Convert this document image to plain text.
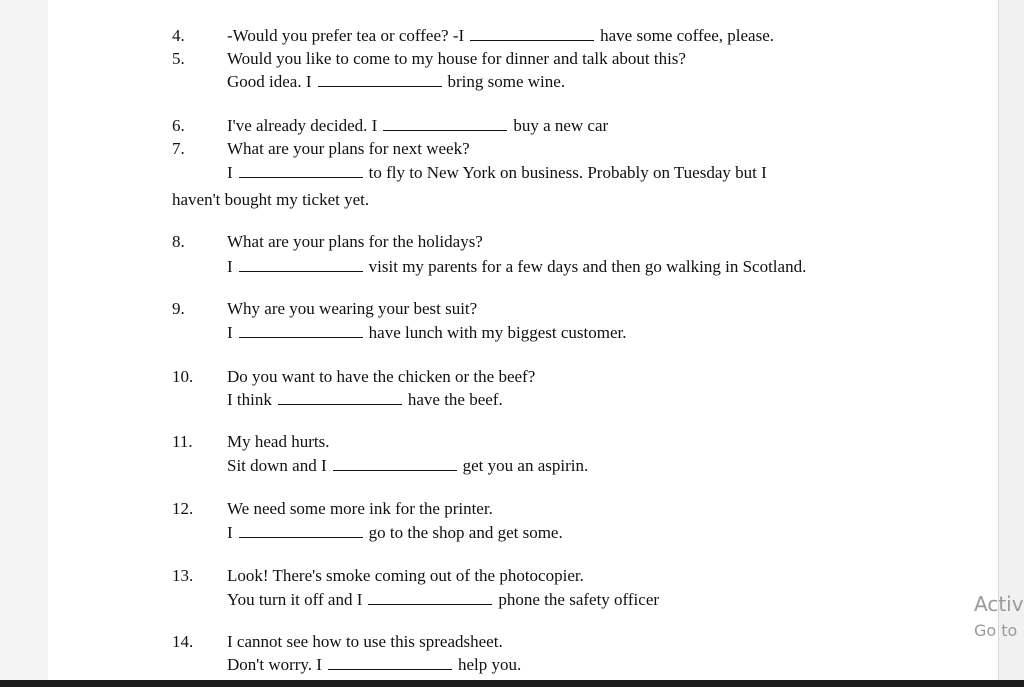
4. -Would you prefer tea or coffee? -I	have some coffee, please.
5. Would you like to come to my house for dinner and talk about this?
Good idea. I	bring some wine.
6. I've already decided. I	buy a new car
7. What are your plans for next week?
I	to fly to New York on business. Probably on Tuesday but I
haven't bought my ticket yet.
8. What are your plans for the holidays?
I	visit my parents for a few days and then go walking in Scotland.
9. Why are you wearing your best suit?
I	have lunch with my biggest customer.
10. Do you want to have the chicken or the beef?
I think	have the beef.
11. My head hurts.
Sit down and I	get you an aspirin.
12. We need some more ink for the printer.
I	go to the shop and get some.
13. Look! There's smoke coming out of the photocopier.
You turn it off and I	phone the safety officer
14. I cannot see how to use this spreadsheet.
Don't worry. I	help you.
Activ
Go to
